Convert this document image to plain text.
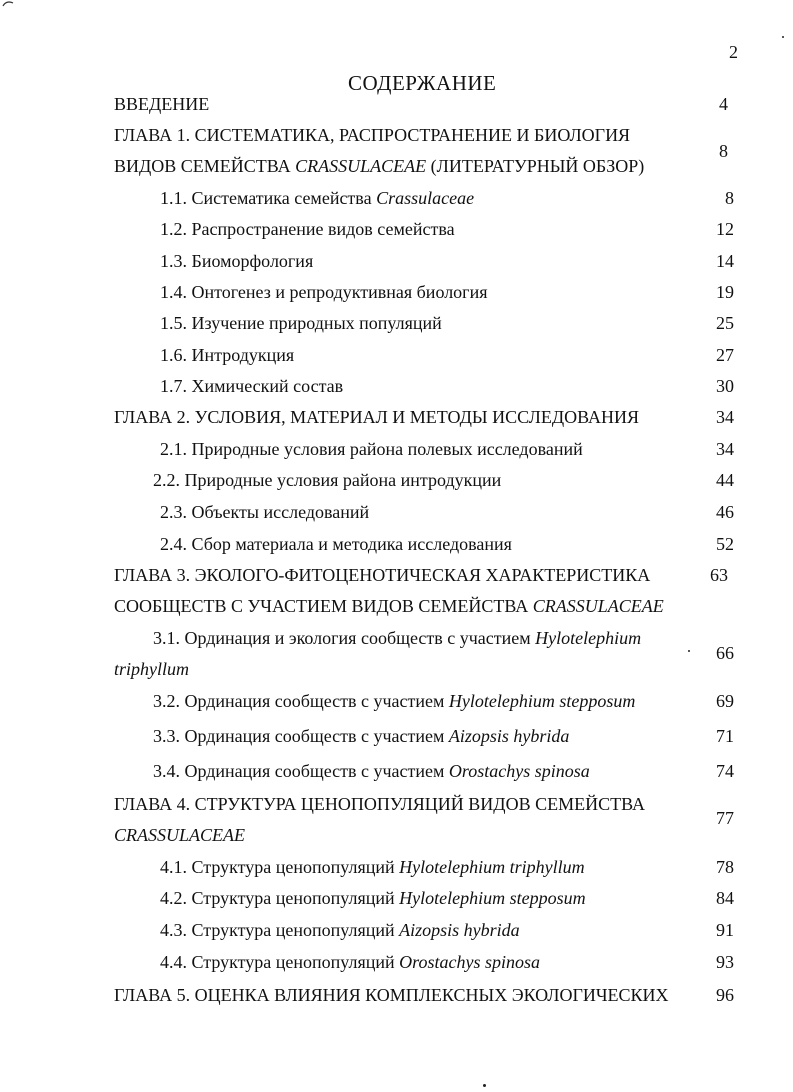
2
СОДЕРЖАНИЕ
ВВЕДЕНИЕ	4
ГЛАВА 1. СИСТЕМАТИКА, РАСПРОСТРАНЕНИЕ И БИОЛОГИЯ
ВИДОВ СЕМЕЙСТВА CRASSULACEAE (ЛИТЕРАТУРНЫЙ ОБЗОР)
8
1.1. Систематика семейства Crassulaceae	8
1.2. Распространение видов семейства	12
1.3. Биоморфология	14
1.4. Онтогенез и репродуктивная биология	19
1.5. Изучение природных популяций	25
1.6. Интродукция	27
1.7. Химический состав	30
ГЛАВА 2. УСЛОВИЯ, МАТЕРИАЛ И МЕТОДЫ ИССЛЕДОВАНИЯ	34
2.1. Природные условия района полевых исследований	34
2.2. Природные условия района интродукции	44
2.3. Объекты исследований	46
2.4. Сбор материала и методика исследования	52
ГЛАВА 3. ЭКОЛОГО-ФИТОЦЕНОТИЧЕСКАЯ ХАРАКТЕРИСТИКА
СООБЩЕСТВ С УЧАСТИЕМ ВИДОВ СЕМЕЙСТВА CRASSULACEAE
63
3.1. Ординация и экология сообществ с участием Hylotelephium
triphyllum
66
3.2. Ординация сообществ с участием Hylotelephium stepposum	69
3.3. Ординация сообществ с участием Aizopsis hybrida	71
3.4. Ординация сообществ с участием Orostachys spinosa	74
ГЛАВА 4. СТРУКТУРА ЦЕНОПОПУЛЯЦИЙ ВИДОВ СЕМЕЙСТВА
CRASSULACEAE
77
4.1. Структура ценопопуляций Hylotelephium triphyllum	78
4.2. Структура ценопопуляций Hylotelephium stepposum	84
4.3. Структура ценопопуляций Aizopsis hybrida	91
4.4. Структура ценопопуляций Orostachys spinosa	93
ГЛАВА 5. ОЦЕНКА ВЛИЯНИЯ КОМПЛЕКСНЫХ ЭКОЛОГИЧЕСКИХ	96
